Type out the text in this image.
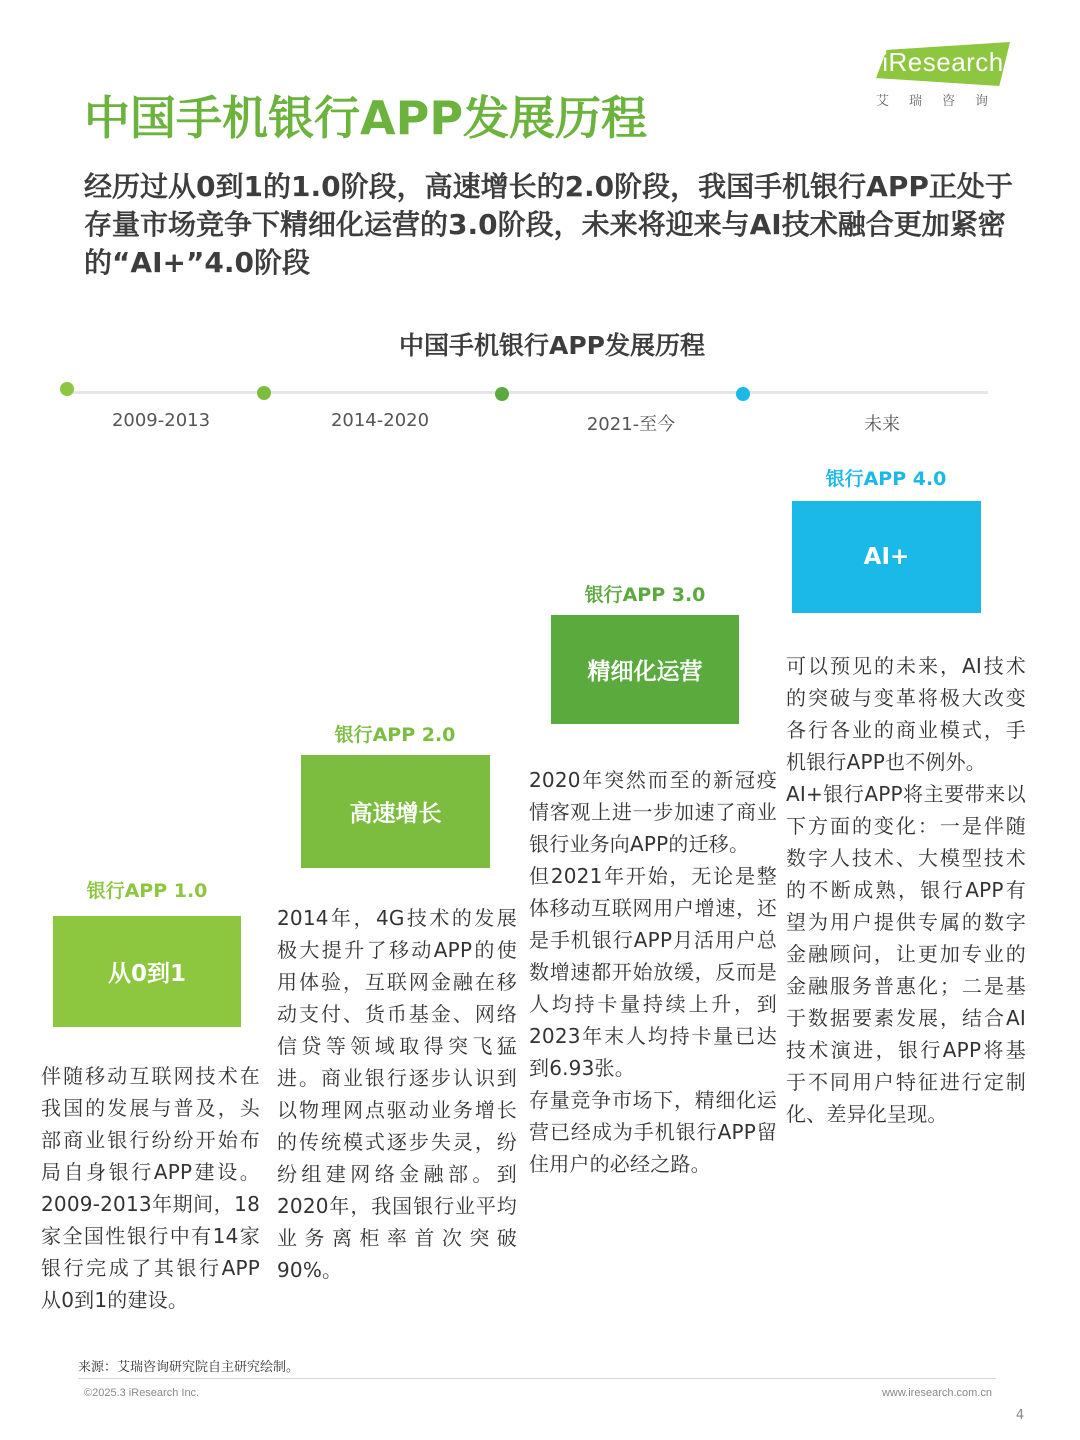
iResearch
艾瑞咨询
中国手机银行APP发展历程
经历过从0到1的1.0阶段，高速增长的2.0阶段，我国手机银行APP正处于存量市场竞争下精细化运营的3.0阶段，未来将迎来与AI技术融合更加紧密的“AI+”4.0阶段
中国手机银行APP发展历程
2009-2013	2014-2020	2021-至今	未来
银行APP 1.0
从0到1
伴随移动互联网技术在我国的发展与普及，头部商业银行纷纷开始布局自身银行APP建设。2009-2013年期间，18家全国性银行中有14家银行完成了其银行APP从0到1的建设。
银行APP 2.0
高速增长
2014年，4G技术的发展极大提升了移动APP的使用体验，互联网金融在移动支付、货币基金、网络信贷等领域取得突飞猛进。商业银行逐步认识到以物理网点驱动业务增长的传统模式逐步失灵，纷纷组建网络金融部。到2020年，我国银行业平均业务离柜率首次突破90%。
银行APP 3.0
精细化运营
2020年突然而至的新冠疫情客观上进一步加速了商业银行业务向APP的迁移。
但2021年开始，无论是整体移动互联网用户增速，还是手机银行APP月活用户总数增速都开始放缓，反而是人均持卡量持续上升，到2023年末人均持卡量已达到6.93张。
存量竞争市场下，精细化运营已经成为手机银行APP留住用户的必经之路。
银行APP 4.0
AI+
可以预见的未来，AI技术的突破与变革将极大改变各行各业的商业模式，手机银行APP也不例外。
AI+银行APP将主要带来以下方面的变化：一是伴随数字人技术、大模型技术的不断成熟，银行APP有望为用户提供专属的数字金融顾问，让更加专业的金融服务普惠化；二是基于数据要素发展，结合AI技术演进，银行APP将基于不同用户特征进行定制化、差异化呈现。
来源：艾瑞咨询研究院自主研究绘制。
©2025.3 iResearch Inc.	www.iresearch.com.cn
4
